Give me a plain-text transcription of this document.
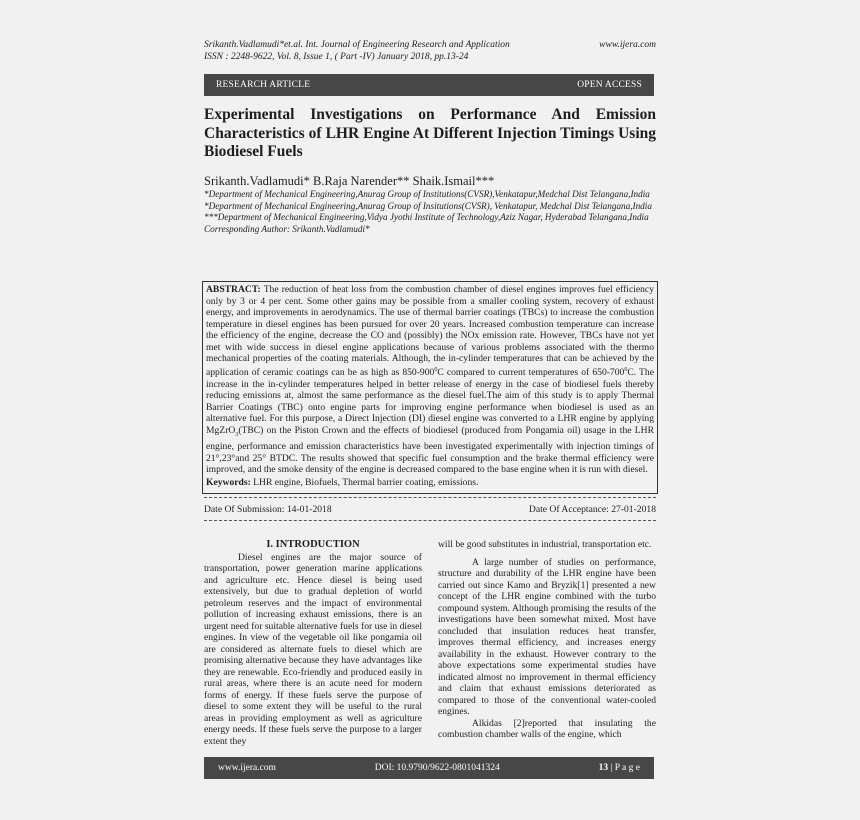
Srikanth.Vadlamudi*et.al. Int. Journal of Engineering Research and Application	www.ijera.com
ISSN : 2248-9622, Vol. 8, Issue 1, ( Part -IV) January 2018, pp.13-24
RESEARCH ARTICLE	OPEN ACCESS
Experimental Investigations on Performance And Emission Characteristics of LHR Engine At Different Injection Timings Using Biodiesel Fuels
Srikanth.Vadlamudi* B.Raja Narender** Shaik.Ismail***
*Department of Mechanical Engineering,Anurag Group of Institutions(CVSR),Venkatapur,Medchal Dist Telangana,India
*Department of Mechanical Engineering,Anurag Group of Insitutions(CVSR), Venkatapur, Medchal Dist Telangana,India
***Department of Mechanical Engineering,Vidya Jyothi Institute of Technology,Aziz Nagar, Hyderabad Telangana,India
Corresponding Author: Srikanth.Vadlamudi*
ABSTRACT: The reduction of heat loss from the combustion chamber of diesel engines improves fuel efficiency only by 3 or 4 per cent. Some other gains may be possible from a smaller cooling system, recovery of exhaust energy, and improvements in aerodynamics. The use of thermal barrier coatings (TBCs) to increase the combustion temperature in diesel engines has been pursued for over 20 years. Increased combustion temperature can increase the efficiency of the engine, decrease the CO and (possibly) the NOx emission rate. However, TBCs have not yet met with wide success in diesel engine applications because of various problems associated with the thermo mechanical properties of the coating materials. Although, the in-cylinder temperatures that can be achieved by the application of ceramic coatings can be as high as $850-900^0C$ compared to current temperatures of $650-700^0C$. The increase in the in-cylinder temperatures helped in better release of energy in the case of biodiesel fuels thereby reducing emissions at, almost the same performance as the diesel fuel.The aim of this study is to apply Thermal Barrier Coatings (TBC) onto engine parts for improving engine performance when biodiesel is used as an alternative fuel. For this purpose, a Direct Injection (DI) diesel engine was converted to a LHR engine by applying MgZrO$_3$(TBC) on the Piston Crown and the effects of biodiesel (produced from Pongamia oil) usage in the LHR engine, performance and emission characteristics have been investigated experimentally with injection timings of 21°,23°and 25° BTDC. The results showed that specific fuel consumption and the brake thermal efficiency were improved, and the smoke density of the engine is decreased compared to the base engine when it is run with diesel.
Keywords: LHR engine, Biofuels, Thermal barrier coating, emissions.
Date Of Submission: 14-01-2018	Date Of Acceptance: 27-01-2018
I. INTRODUCTION

Diesel engines are the major source of transportation, power generation marine applications and agriculture etc. Hence diesel is being used extensively, but due to gradual depletion of world petroleum reserves and the impact of environmental pollution of increasing exhaust emissions, there is an urgent need for suitable alternative fuels for use in diesel engines. In view of the vegetable oil like pongamia oil are considered as alternate fuels to diesel which are promising alternative because they have advantages like they are renewable. Eco-friendly and produced easily in rural areas, where there is an acute need for modern forms of energy. If these fuels serve the purpose of diesel to some extent they will be useful to the rural areas in providing employment as well as agriculture energy needs. If these fuels serve the purpose to a larger extent they

will be good substitutes in industrial, transportation etc.

A large number of studies on performance, structure and durability of the LHR engine have been carried out since Kamo and Bryzik[1] presented a new concept of the LHR engine combined with the turbo compound system. Although promising the results of the investigations have been somewhat mixed. Most have concluded that insulation reduces heat transfer, improves thermal efficiency, and increases energy availability in the exhaust. However contrary to the above expectations some experimental studies have indicated almost no improvement in thermal efficiency and claim that exhaust emissions deteriorated as compared to those of the conventional water-cooled engines.

Alkidas [2]reported that insulating the combustion chamber walls of the engine, which

www.ijera.com	DOI: 10.9790/9622-0801041324	13 | P a g e
